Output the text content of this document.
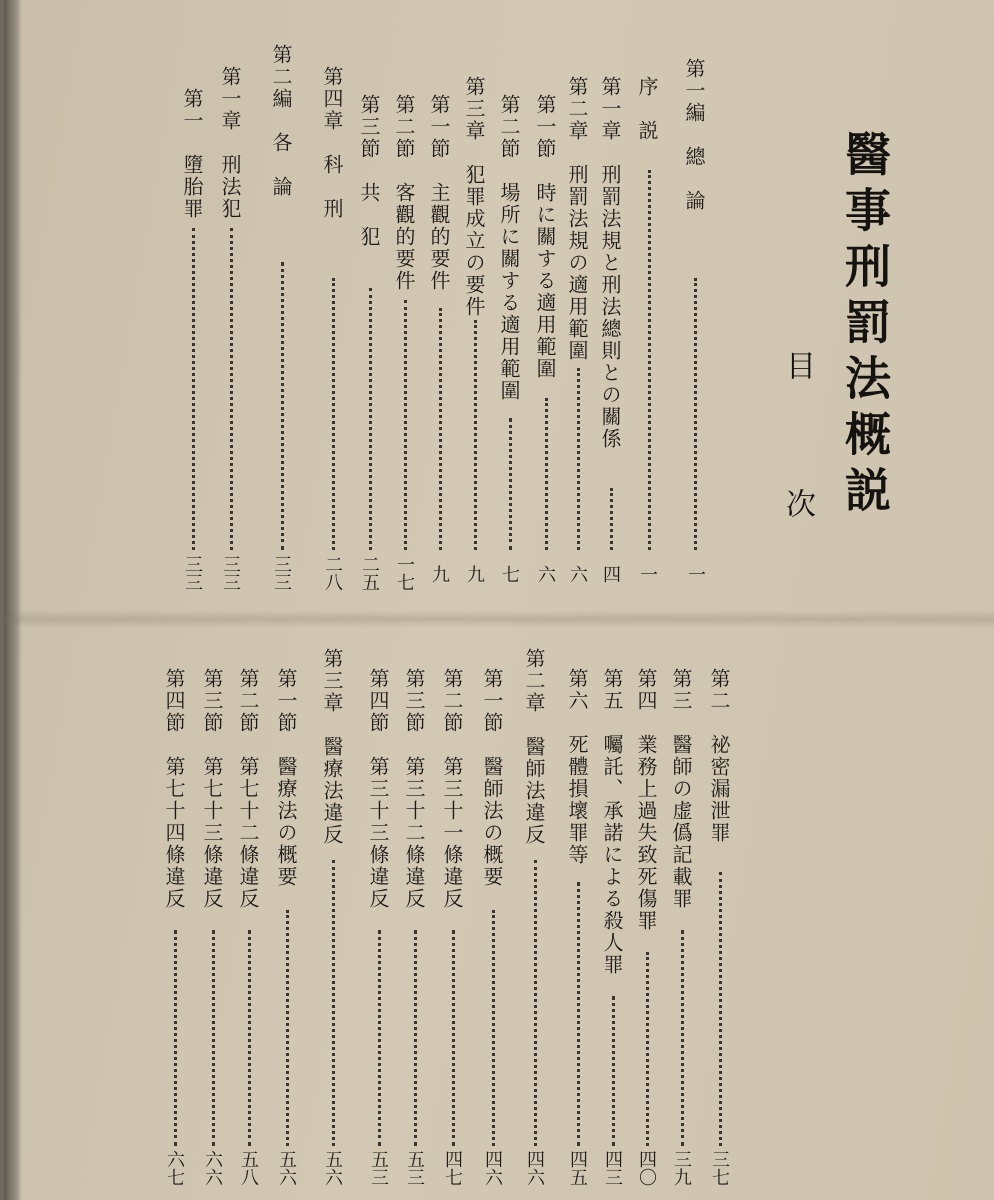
醫事刑罰法概説
目
次
第一編　總　論
一
序　説
一
第一章　刑罰法規と刑法總則との關係
四
第二章　刑罰法規の適用範圍
六
第一節　時に關する適用範圍
六
第二節　場所に關する適用範圍
七
第三章　犯罪成立の要件
九
第一節　主觀的要件
九
第二節　客觀的要件
一七
第三節　共　犯
二五
第四章　科　刑
二八
第二編　各　論
三三
第一章　刑法犯
三三
第一　墮胎罪
三三
第二　祕密漏泄罪
三七
第三　醫師の虚僞記載罪
三九
第四　業務上過失致死傷罪
四〇
第五　囑託、承諾による殺人罪
四三
第六　死體損壞罪等
四五
第二章　醫師法違反
四六
第一節　醫師法の概要
四六
第二節　第三十一條違反
四七
第三節　第三十二條違反
五三
第四節　第三十三條違反
五三
第三章　醫療法違反
五六
第一節　醫療法の概要
五六
第二節　第七十二條違反
五八
第三節　第七十三條違反
六六
第四節　第七十四條違反
六七
